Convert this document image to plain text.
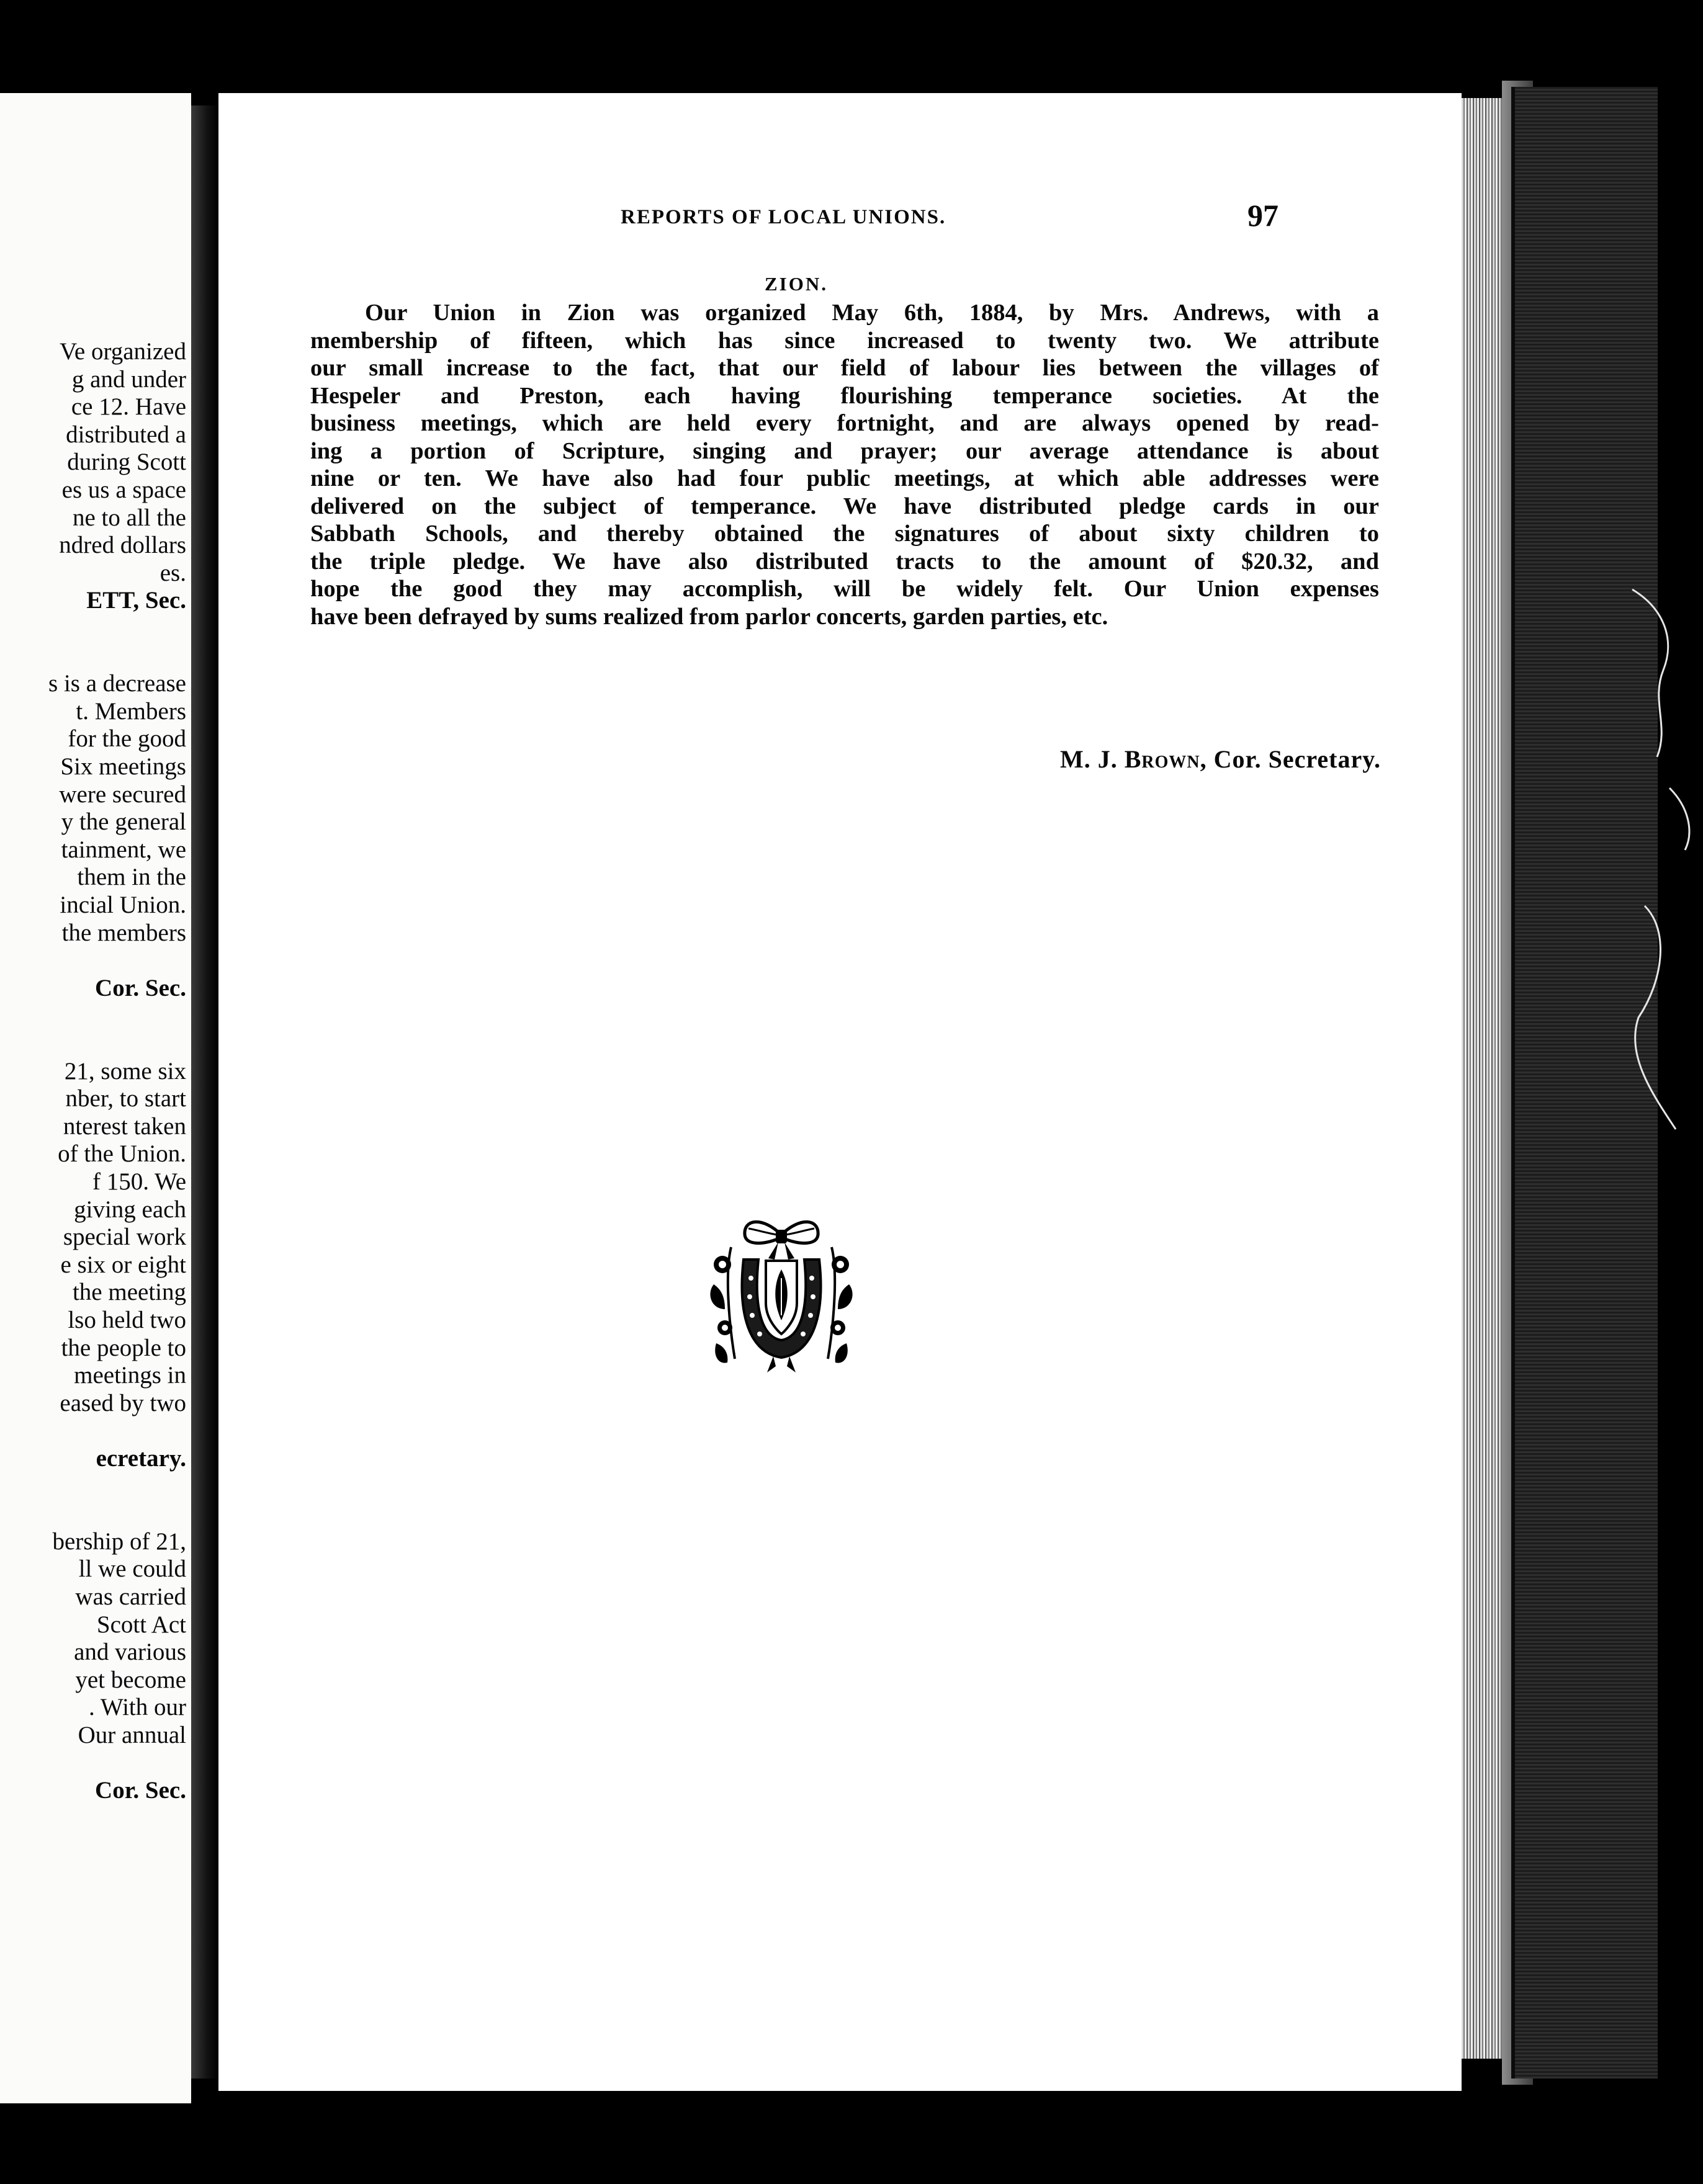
Ve organized
g and under
ce 12. Have
distributed a
during Scott
es us a space
ne to all the
ndred dollars
es.
ETT, Sec.
s is a decrease
t. Members
for the good
Six meetings
were secured
y the general
tainment, we
them in the
incial Union.
the members
Cor. Sec.
21, some six
nber, to start
nterest taken
of the Union.
f 150. We
giving each
special work
e six or eight
the meeting
lso held two
the people to
meetings in
eased by two
ecretary.
bership of 21,
ll we could
was carried
Scott Act
and various
yet become
. With our
Our annual
Cor. Sec.
REPORTS OF LOCAL UNIONS.	97
ZION.
Our Union in Zion was organized May 6th, 1884, by Mrs. Andrews, with a
membership of fifteen, which has since increased to twenty two. We attribute
our small increase to the fact, that our field of labour lies between the villages of
Hespeler and Preston, each having flourishing temperance societies. At the
business meetings, which are held every fortnight, and are always opened by read-
ing a portion of Scripture, singing and prayer; our average attendance is about
nine or ten. We have also had four public meetings, at which able addresses were
delivered on the subject of temperance. We have distributed pledge cards in our
Sabbath Schools, and thereby obtained the signatures of about sixty children to
the triple pledge. We have also distributed tracts to the amount of $20.32, and
hope the good they may accomplish, will be widely felt. Our Union expenses
have been defrayed by sums realized from parlor concerts, garden parties, etc.
M. J. Brown, Cor. Secretary.
